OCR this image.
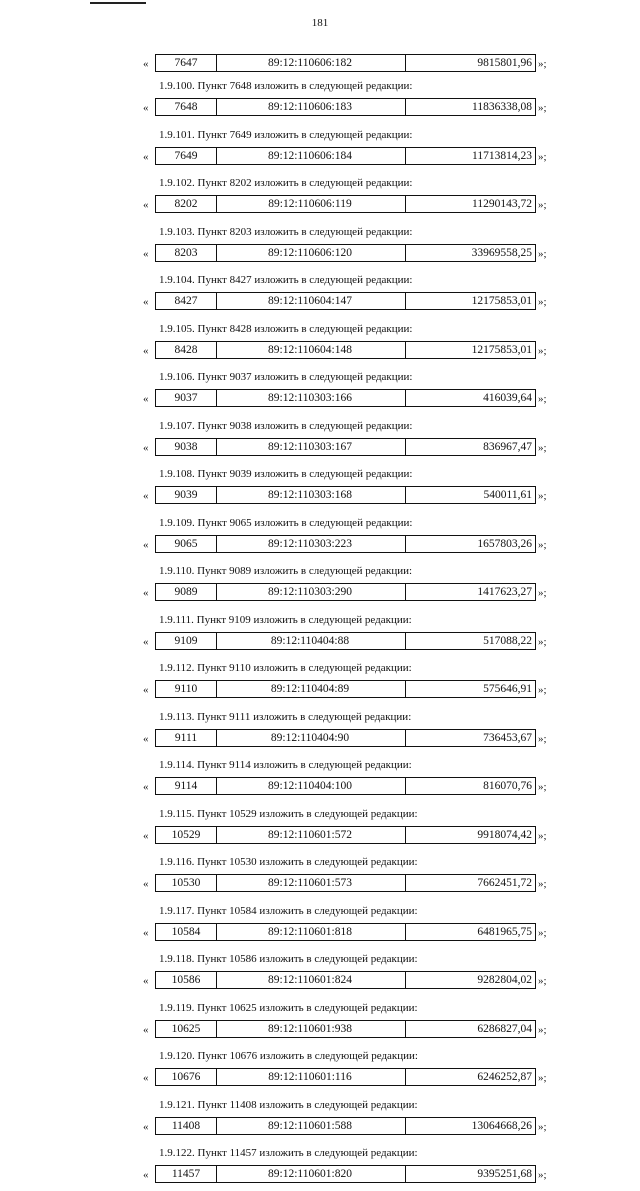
181
«	7647	89:12:110606:182	9815801,96 »;
1.9.100. Пункт 7648 изложить в следующей редакции:
«	7648	89:12:110606:183	11836338,08 »;
1.9.101. Пункт 7649 изложить в следующей редакции:
«	7649	89:12:110606:184	11713814,23 »;
1.9.102. Пункт 8202 изложить в следующей редакции:
«	8202	89:12:110606:119	11290143,72 »;
1.9.103. Пункт 8203 изложить в следующей редакции:
«	8203	89:12:110606:120	33969558,25 »;
1.9.104. Пункт 8427 изложить в следующей редакции:
«	8427	89:12:110604:147	12175853,01 »;
1.9.105. Пункт 8428 изложить в следующей редакции:
«	8428	89:12:110604:148	12175853,01 »;
1.9.106. Пункт 9037 изложить в следующей редакции:
«	9037	89:12:110303:166	416039,64 »;
1.9.107. Пункт 9038 изложить в следующей редакции:
«	9038	89:12:110303:167	836967,47 »;
1.9.108. Пункт 9039 изложить в следующей редакции:
«	9039	89:12:110303:168	540011,61 »;
1.9.109. Пункт 9065 изложить в следующей редакции:
«	9065	89:12:110303:223	1657803,26 »;
1.9.110. Пункт 9089 изложить в следующей редакции:
«	9089	89:12:110303:290	1417623,27 »;
1.9.111. Пункт 9109 изложить в следующей редакции:
«	9109	89:12:110404:88	517088,22 »;
1.9.112. Пункт 9110 изложить в следующей редакции:
«	9110	89:12:110404:89	575646,91 »;
1.9.113. Пункт 9111 изложить в следующей редакции:
«	9111	89:12:110404:90	736453,67 »;
1.9.114. Пункт 9114 изложить в следующей редакции:
«	9114	89:12:110404:100	816070,76 »;
1.9.115. Пункт 10529 изложить в следующей редакции:
«	10529	89:12:110601:572	9918074,42 »;
1.9.116. Пункт 10530 изложить в следующей редакции:
«	10530	89:12:110601:573	7662451,72 »;
1.9.117. Пункт 10584 изложить в следующей редакции:
«	10584	89:12:110601:818	6481965,75 »;
1.9.118. Пункт 10586 изложить в следующей редакции:
«	10586	89:12:110601:824	9282804,02 »;
1.9.119. Пункт 10625 изложить в следующей редакции:
«	10625	89:12:110601:938	6286827,04 »;
1.9.120. Пункт 10676 изложить в следующей редакции:
«	10676	89:12:110601:116	6246252,87 »;
1.9.121. Пункт 11408 изложить в следующей редакции:
«	11408	89:12:110601:588	13064668,26 »;
1.9.122. Пункт 11457 изложить в следующей редакции:
«	11457	89:12:110601:820	9395251,68 »;
